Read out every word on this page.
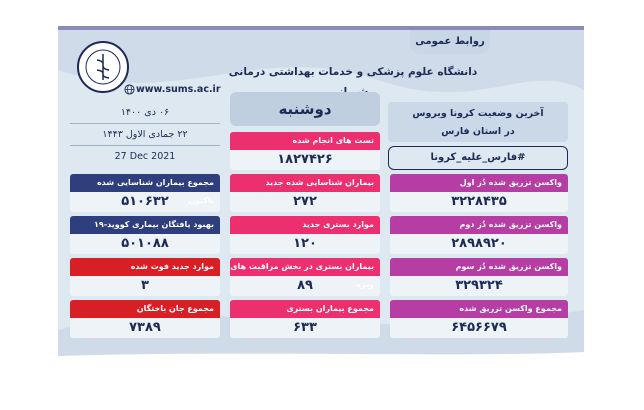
روابط عمومی
دانشگاه علوم پزشکی و خدمات بهداشتی درمانی
www.sums.ac.ir
۰۶ دی ۱۴۰۰
۲۲ جمادی الاول ۱۴۴۳
27 Dec 2021
دوشنبه	آخرین وضعیت کرونا ویروس
در استان فارس
#فارس_علیه_کرونا
مجموع بیماران شناسایی شده تاکنون
۵۱۰۶۳۲
بهبود یافتگان بیماری کووید-۱۹
۵۰۱۰۸۸
موارد جدید فوت شده
۳
مجموع جان باختگان
۷۳۸۹
تست های انجام شده
۱۸۲۷۴۲۶
بیماران شناسایی شده جدید
۲۷۲
موارد بستری جدید
۱۲۰
بیماران بستری در بخش مراقبت های ویژه
۸۹
مجموع بیماران بستری
۶۳۳
واکسن تزریق شده دُز اول
۳۲۲۸۴۳۵
واکسن تزریق شده دُز دوم
۲۸۹۸۹۲۰
واکسن تزریق شده دُز سوم
۳۲۹۳۲۴
مجموع واکسن تزریق شده
۶۴۵۶۶۷۹
